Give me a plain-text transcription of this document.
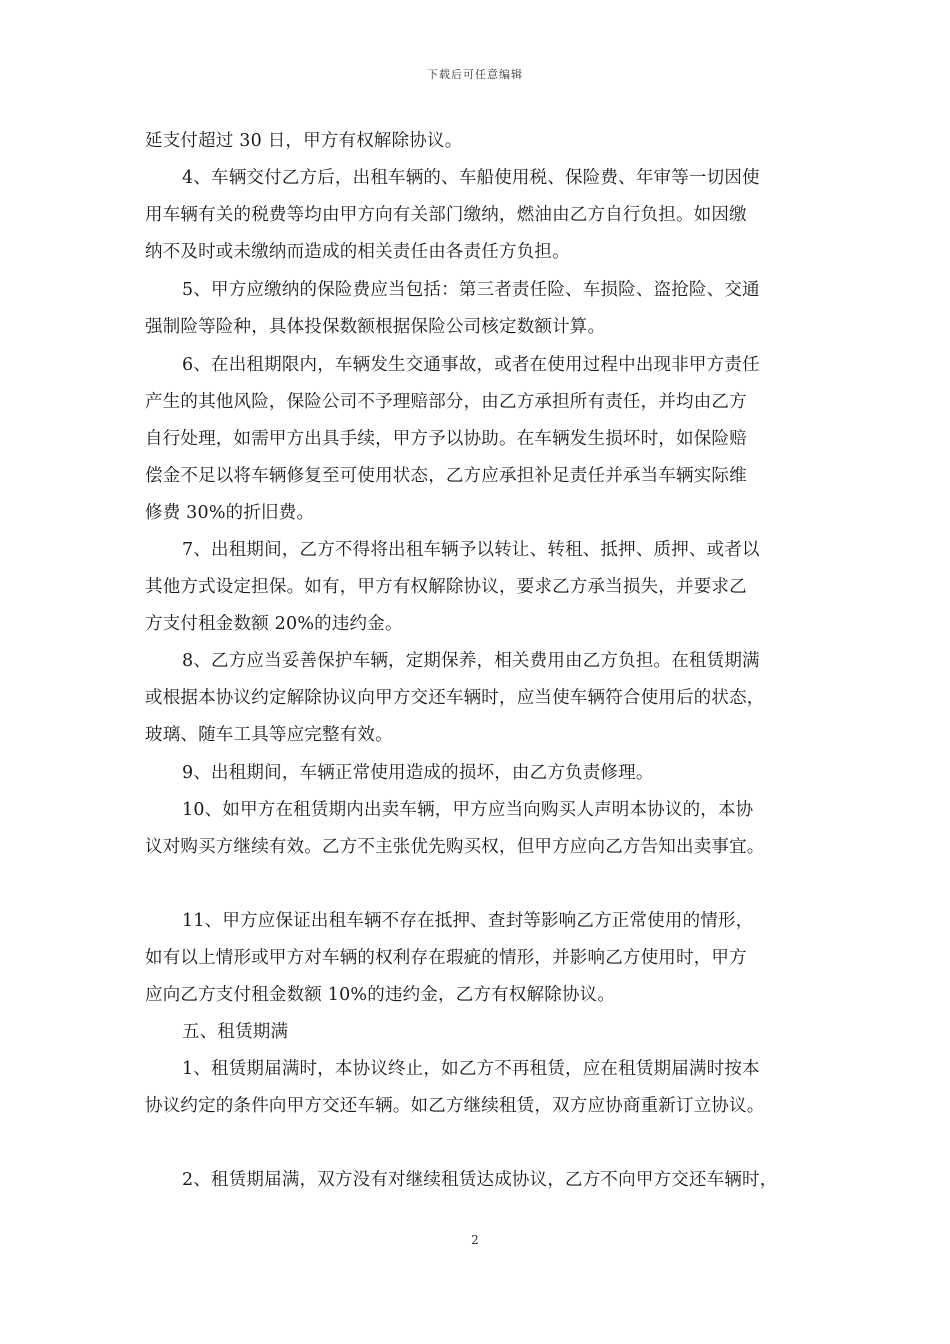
下载后可任意编辑
延支付超过 30 日，甲方有权解除协议。
4、车辆交付乙方后，出租车辆的、车船使用税、保险费、年审等一切因使
用车辆有关的税费等均由甲方向有关部门缴纳，燃油由乙方自行负担。如因缴
纳不及时或未缴纳而造成的相关责任由各责任方负担。
5、甲方应缴纳的保险费应当包括：第三者责任险、车损险、盗抢险、交通
强制险等险种，具体投保数额根据保险公司核定数额计算。
6、在出租期限内，车辆发生交通事故，或者在使用过程中出现非甲方责任
产生的其他风险，保险公司不予理赔部分，由乙方承担所有责任，并均由乙方
自行处理，如需甲方出具手续，甲方予以协助。在车辆发生损坏时，如保险赔
偿金不足以将车辆修复至可使用状态，乙方应承担补足责任并承当车辆实际维
修费 30%的折旧费。
7、出租期间，乙方不得将出租车辆予以转让、转租、抵押、质押、或者以
其他方式设定担保。如有，甲方有权解除协议，要求乙方承当损失，并要求乙
方支付租金数额 20%的违约金。
8、乙方应当妥善保护车辆，定期保养，相关费用由乙方负担。在租赁期满
或根据本协议约定解除协议向甲方交还车辆时，应当使车辆符合使用后的状态，
玻璃、随车工具等应完整有效。
9、出租期间，车辆正常使用造成的损坏，由乙方负责修理。
10、如甲方在租赁期内出卖车辆，甲方应当向购买人声明本协议的，本协
议对购买方继续有效。乙方不主张优先购买权，但甲方应向乙方告知出卖事宜。
11、甲方应保证出租车辆不存在抵押、查封等影响乙方正常使用的情形，
如有以上情形或甲方对车辆的权利存在瑕疵的情形，并影响乙方使用时，甲方
应向乙方支付租金数额 10%的违约金，乙方有权解除协议。
五、租赁期满
1、租赁期届满时，本协议终止，如乙方不再租赁，应在租赁期届满时按本
协议约定的条件向甲方交还车辆。如乙方继续租赁，双方应协商重新订立协议。
2、租赁期届满，双方没有对继续租赁达成协议，乙方不向甲方交还车辆时，
2
